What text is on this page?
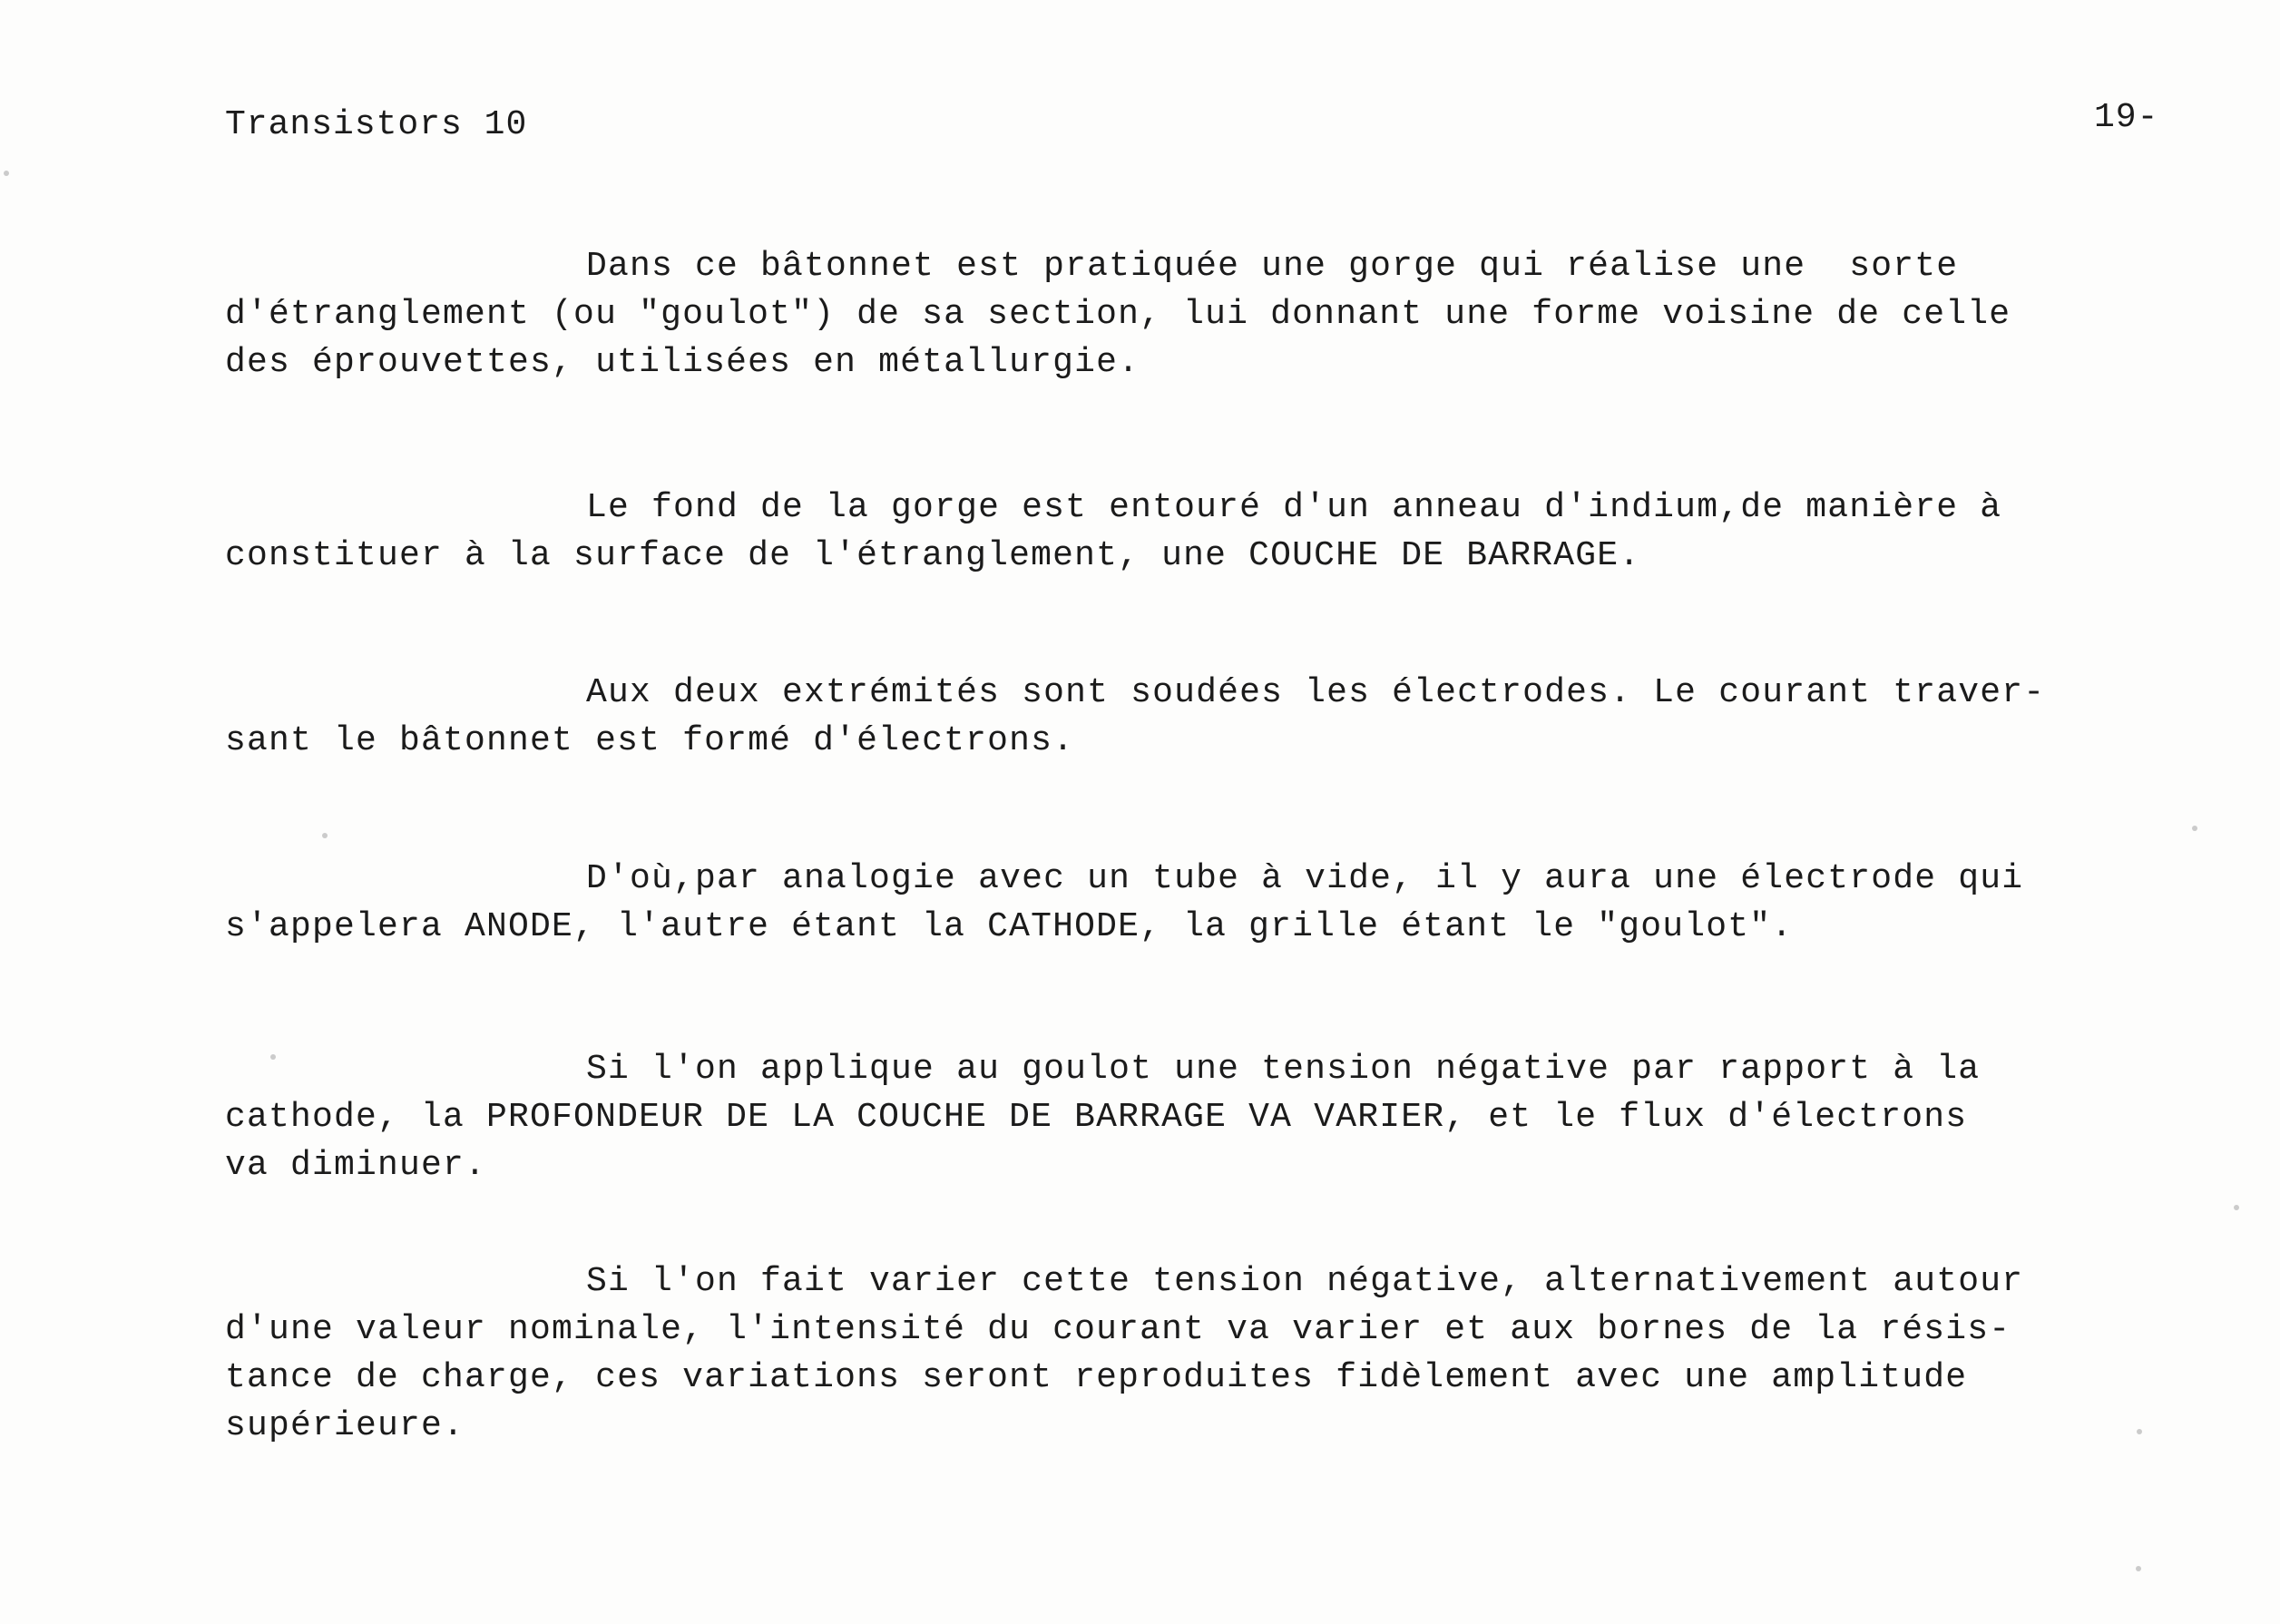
Transistors 10	19-
Dans ce bâtonnet est pratiquée une gorge qui réalise une  sorte
d'étranglement (ou "goulot") de sa section, lui donnant une forme voisine de celle
des éprouvettes, utilisées en métallurgie.
Le fond de la gorge est entouré d'un anneau d'indium,de manière à
constituer à la surface de l'étranglement, une COUCHE DE BARRAGE.
Aux deux extrémités sont soudées les électrodes. Le courant traver-
sant le bâtonnet est formé d'électrons.
D'où,par analogie avec un tube à vide, il y aura une électrode qui
s'appelera ANODE, l'autre étant la CATHODE, la grille étant le "goulot".
Si l'on applique au goulot une tension négative par rapport à la
cathode, la PROFONDEUR DE LA COUCHE DE BARRAGE VA VARIER, et le flux d'électrons
va diminuer.
Si l'on fait varier cette tension négative, alternativement autour
d'une valeur nominale, l'intensité du courant va varier et aux bornes de la résis-
tance de charge, ces variations seront reproduites fidèlement avec une amplitude
supérieure.
